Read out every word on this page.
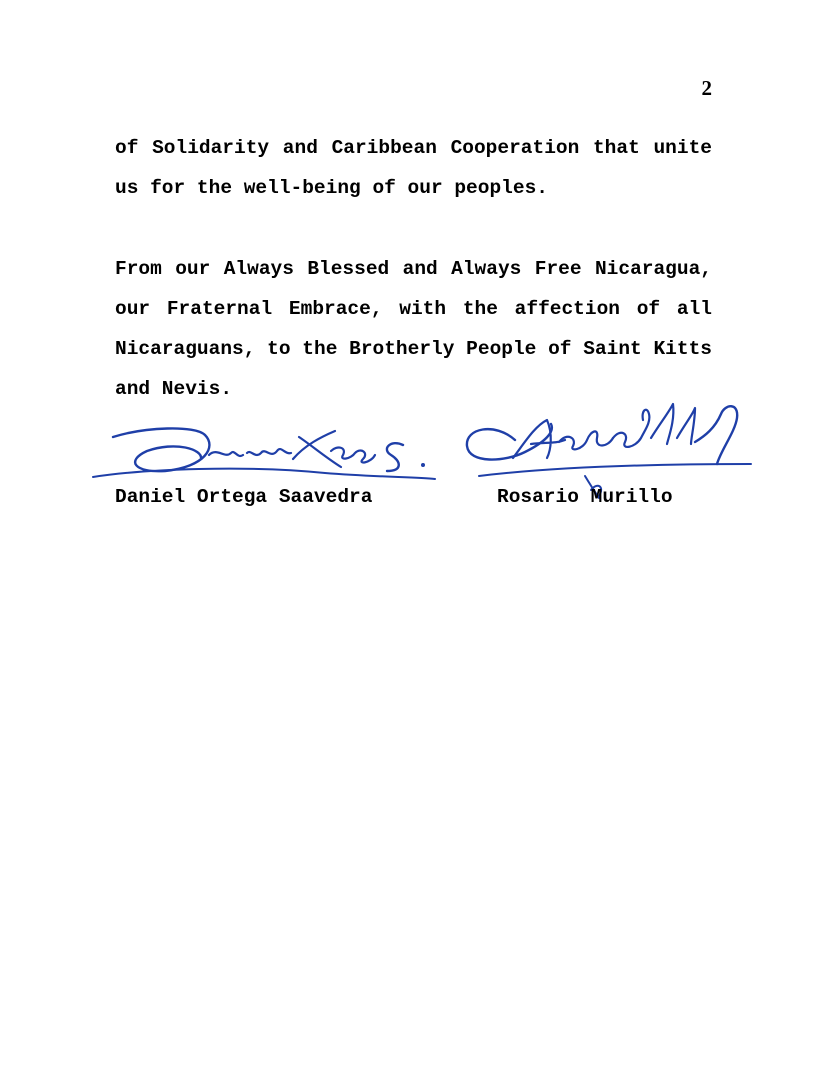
2

of Solidarity and Caribbean Cooperation that unite us for the well-being of our peoples.

From our Always Blessed and Always Free Nicaragua, our Fraternal Embrace, with the affection of all Nicaraguans, to the Brotherly People of Saint Kitts and Nevis.

Daniel Ortega Saavedra	Rosario Murillo
